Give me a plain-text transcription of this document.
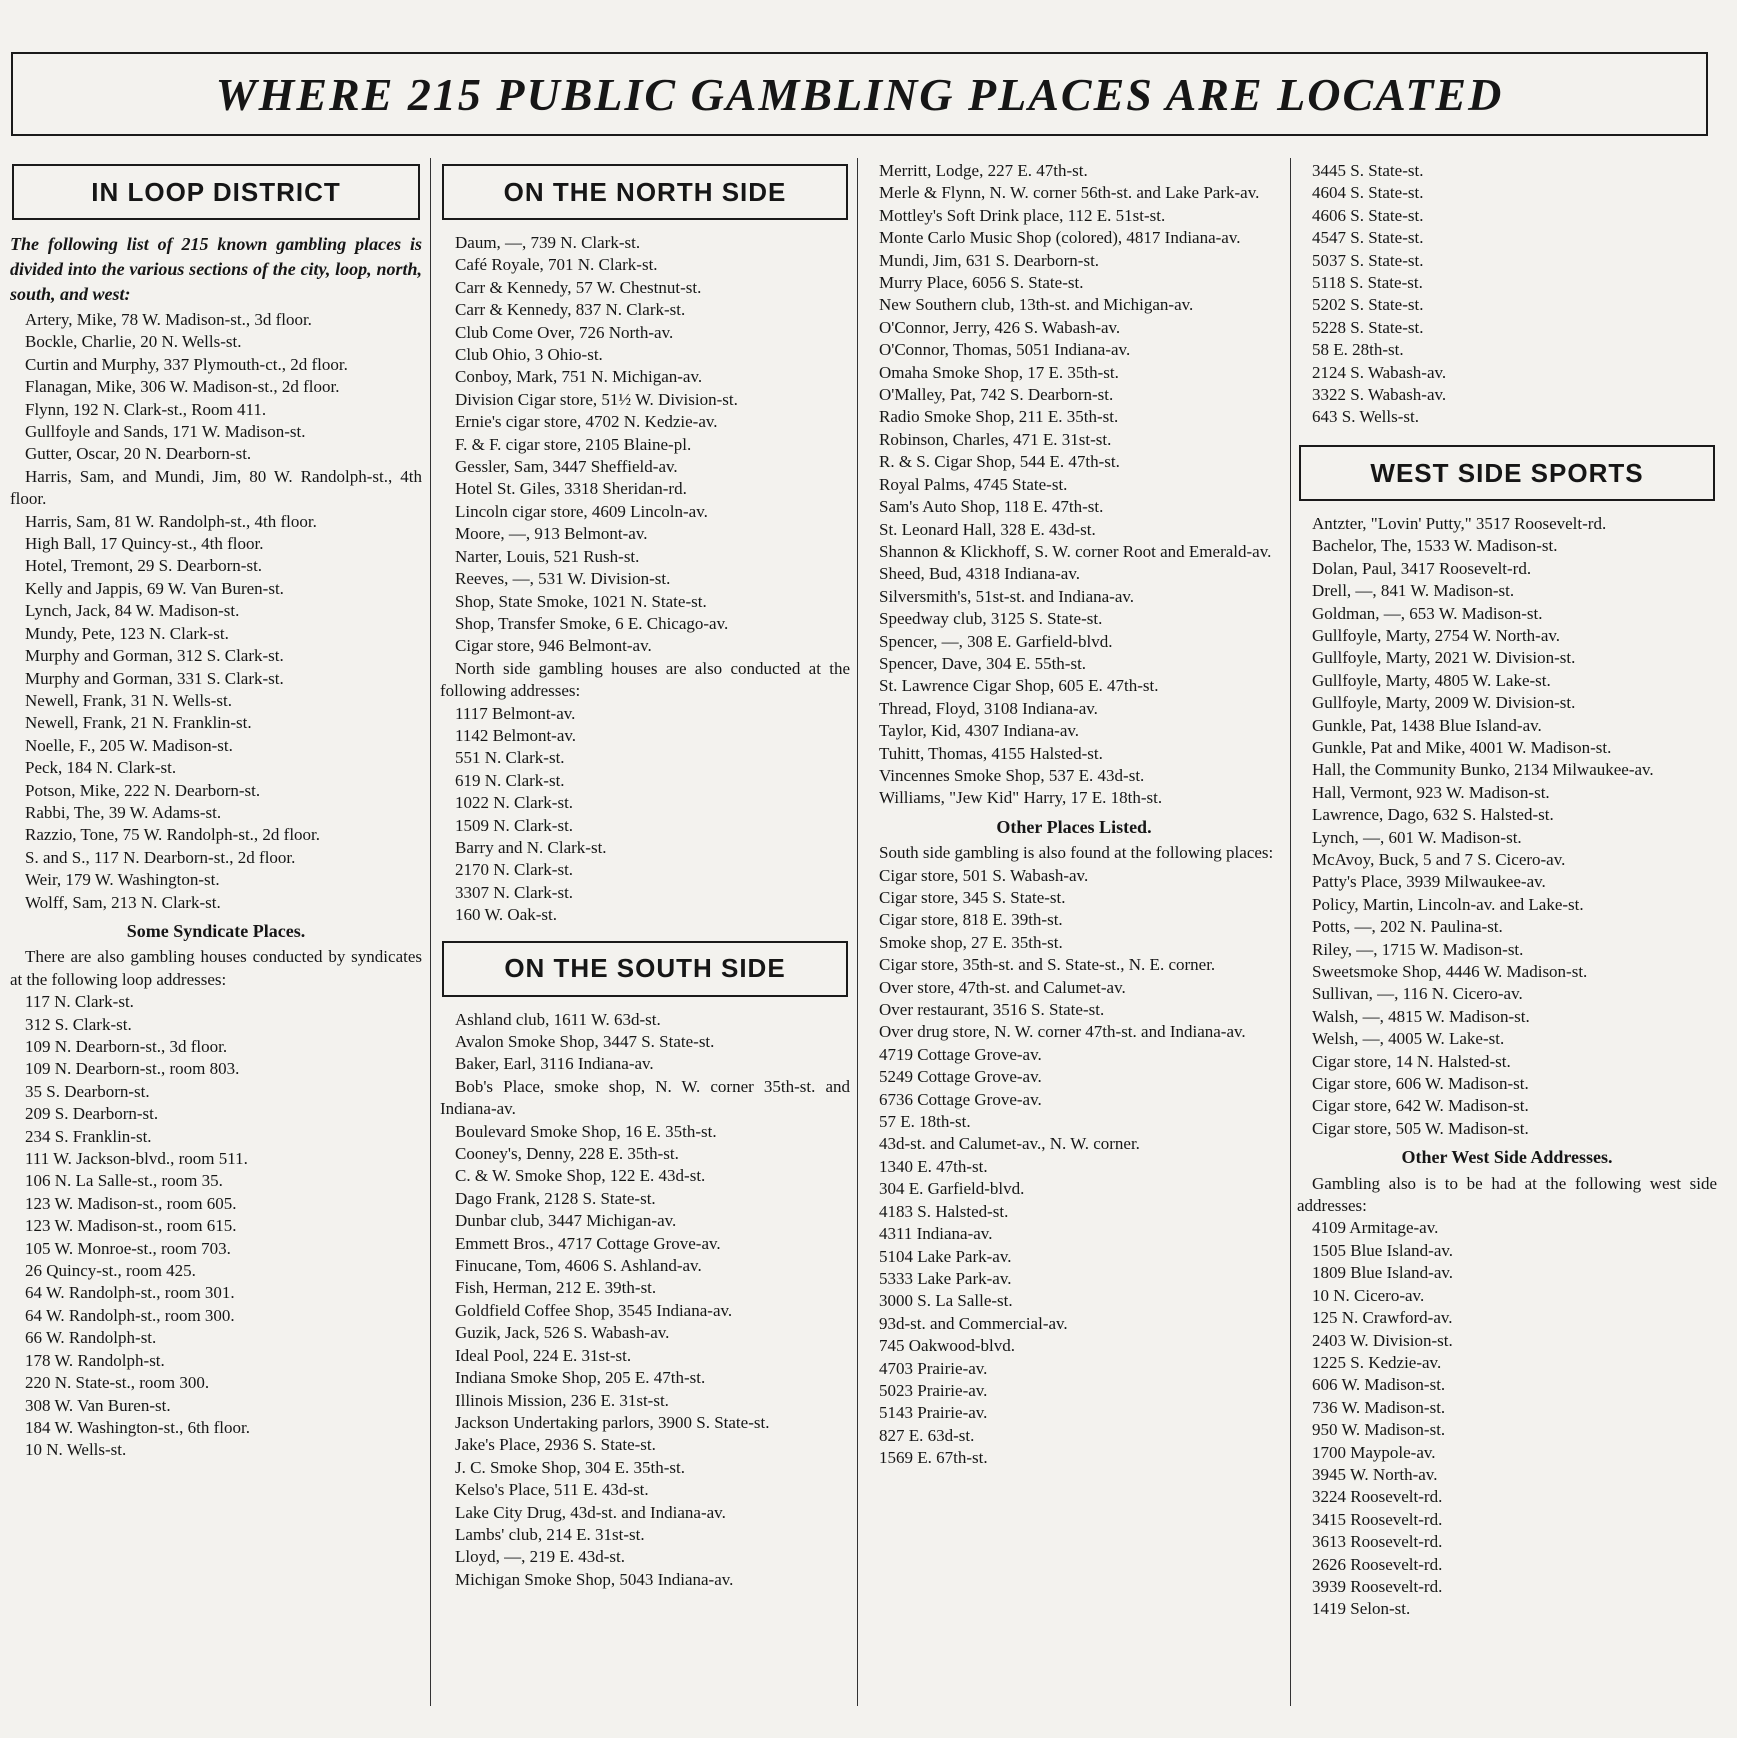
WHERE 215 PUBLIC GAMBLING PLACES ARE LOCATED
IN LOOP DISTRICT

The following list of 215 known gambling places is divided into the various sections of the city, loop, north, south, and west:

Artery, Mike, 78 W. Madison-st., 3d floor.

Bockle, Charlie, 20 N. Wells-st.

Curtin and Murphy, 337 Plymouth-ct., 2d floor.

Flanagan, Mike, 306 W. Madison-st., 2d floor.

Flynn, 192 N. Clark-st., Room 411.

Gullfoyle and Sands, 171 W. Madison-st.

Gutter, Oscar, 20 N. Dearborn-st.

Harris, Sam, and Mundi, Jim, 80 W. Randolph-st., 4th floor.

Harris, Sam, 81 W. Randolph-st., 4th floor.

High Ball, 17 Quincy-st., 4th floor.

Hotel, Tremont, 29 S. Dearborn-st.

Kelly and Jappis, 69 W. Van Buren-st.

Lynch, Jack, 84 W. Madison-st.

Mundy, Pete, 123 N. Clark-st.

Murphy and Gorman, 312 S. Clark-st.

Murphy and Gorman, 331 S. Clark-st.

Newell, Frank, 31 N. Wells-st.

Newell, Frank, 21 N. Franklin-st.

Noelle, F., 205 W. Madison-st.

Peck, 184 N. Clark-st.

Potson, Mike, 222 N. Dearborn-st.

Rabbi, The, 39 W. Adams-st.

Razzio, Tone, 75 W. Randolph-st., 2d floor.

S. and S., 117 N. Dearborn-st., 2d floor.

Weir, 179 W. Washington-st.

Wolff, Sam, 213 N. Clark-st.

Some Syndicate Places.

There are also gambling houses conducted by syndicates at the following loop addresses:

117 N. Clark-st.

312 S. Clark-st.

109 N. Dearborn-st., 3d floor.

109 N. Dearborn-st., room 803.

35 S. Dearborn-st.

209 S. Dearborn-st.

234 S. Franklin-st.

111 W. Jackson-blvd., room 511.

106 N. La Salle-st., room 35.

123 W. Madison-st., room 605.

123 W. Madison-st., room 615.

105 W. Monroe-st., room 703.

26 Quincy-st., room 425.

64 W. Randolph-st., room 301.

64 W. Randolph-st., room 300.

66 W. Randolph-st.

178 W. Randolph-st.

220 N. State-st., room 300.

308 W. Van Buren-st.

184 W. Washington-st., 6th floor.

10 N. Wells-st.

ON THE NORTH SIDE

Daum, —, 739 N. Clark-st.

Café Royale, 701 N. Clark-st.

Carr & Kennedy, 57 W. Chestnut-st.

Carr & Kennedy, 837 N. Clark-st.

Club Come Over, 726 North-av.

Club Ohio, 3 Ohio-st.

Conboy, Mark, 751 N. Michigan-av.

Division Cigar store, 51½ W. Division-st.

Ernie's cigar store, 4702 N. Kedzie-av.

F. & F. cigar store, 2105 Blaine-pl.

Gessler, Sam, 3447 Sheffield-av.

Hotel St. Giles, 3318 Sheridan-rd.

Lincoln cigar store, 4609 Lincoln-av.

Moore, —, 913 Belmont-av.

Narter, Louis, 521 Rush-st.

Reeves, —, 531 W. Division-st.

Shop, State Smoke, 1021 N. State-st.

Shop, Transfer Smoke, 6 E. Chicago-av.

Cigar store, 946 Belmont-av.

North side gambling houses are also conducted at the following addresses:

1117 Belmont-av.

1142 Belmont-av.

551 N. Clark-st.

619 N. Clark-st.

1022 N. Clark-st.

1509 N. Clark-st.

Barry and N. Clark-st.

2170 N. Clark-st.

3307 N. Clark-st.

160 W. Oak-st.

ON THE SOUTH SIDE

Ashland club, 1611 W. 63d-st.

Avalon Smoke Shop, 3447 S. State-st.

Baker, Earl, 3116 Indiana-av.

Bob's Place, smoke shop, N. W. corner 35th-st. and Indiana-av.

Boulevard Smoke Shop, 16 E. 35th-st.

Cooney's, Denny, 228 E. 35th-st.

C. & W. Smoke Shop, 122 E. 43d-st.

Dago Frank, 2128 S. State-st.

Dunbar club, 3447 Michigan-av.

Emmett Bros., 4717 Cottage Grove-av.

Finucane, Tom, 4606 S. Ashland-av.

Fish, Herman, 212 E. 39th-st.

Goldfield Coffee Shop, 3545 Indiana-av.

Guzik, Jack, 526 S. Wabash-av.

Ideal Pool, 224 E. 31st-st.

Indiana Smoke Shop, 205 E. 47th-st.

Illinois Mission, 236 E. 31st-st.

Jackson Undertaking parlors, 3900 S. State-st.

Jake's Place, 2936 S. State-st.

J. C. Smoke Shop, 304 E. 35th-st.

Kelso's Place, 511 E. 43d-st.

Lake City Drug, 43d-st. and Indiana-av.

Lambs' club, 214 E. 31st-st.

Lloyd, —, 219 E. 43d-st.

Michigan Smoke Shop, 5043 Indiana-av.

Merritt, Lodge, 227 E. 47th-st.

Merle & Flynn, N. W. corner 56th-st. and Lake Park-av.

Mottley's Soft Drink place, 112 E. 51st-st.

Monte Carlo Music Shop (colored), 4817 Indiana-av.

Mundi, Jim, 631 S. Dearborn-st.

Murry Place, 6056 S. State-st.

New Southern club, 13th-st. and Michigan-av.

O'Connor, Jerry, 426 S. Wabash-av.

O'Connor, Thomas, 5051 Indiana-av.

Omaha Smoke Shop, 17 E. 35th-st.

O'Malley, Pat, 742 S. Dearborn-st.

Radio Smoke Shop, 211 E. 35th-st.

Robinson, Charles, 471 E. 31st-st.

R. & S. Cigar Shop, 544 E. 47th-st.

Royal Palms, 4745 State-st.

Sam's Auto Shop, 118 E. 47th-st.

St. Leonard Hall, 328 E. 43d-st.

Shannon & Klickhoff, S. W. corner Root and Emerald-av.

Sheed, Bud, 4318 Indiana-av.

Silversmith's, 51st-st. and Indiana-av.

Speedway club, 3125 S. State-st.

Spencer, —, 308 E. Garfield-blvd.

Spencer, Dave, 304 E. 55th-st.

St. Lawrence Cigar Shop, 605 E. 47th-st.

Thread, Floyd, 3108 Indiana-av.

Taylor, Kid, 4307 Indiana-av.

Tuhitt, Thomas, 4155 Halsted-st.

Vincennes Smoke Shop, 537 E. 43d-st.

Williams, "Jew Kid" Harry, 17 E. 18th-st.

Other Places Listed.

South side gambling is also found at the following places:

Cigar store, 501 S. Wabash-av.

Cigar store, 345 S. State-st.

Cigar store, 818 E. 39th-st.

Smoke shop, 27 E. 35th-st.

Cigar store, 35th-st. and S. State-st., N. E. corner.

Over store, 47th-st. and Calumet-av.

Over restaurant, 3516 S. State-st.

Over drug store, N. W. corner 47th-st. and Indiana-av.

4719 Cottage Grove-av.

5249 Cottage Grove-av.

6736 Cottage Grove-av.

57 E. 18th-st.

43d-st. and Calumet-av., N. W. corner.

1340 E. 47th-st.

304 E. Garfield-blvd.

4183 S. Halsted-st.

4311 Indiana-av.

5104 Lake Park-av.

5333 Lake Park-av.

3000 S. La Salle-st.

93d-st. and Commercial-av.

745 Oakwood-blvd.

4703 Prairie-av.

5023 Prairie-av.

5143 Prairie-av.

827 E. 63d-st.

1569 E. 67th-st.

3445 S. State-st.

4604 S. State-st.

4606 S. State-st.

4547 S. State-st.

5037 S. State-st.

5118 S. State-st.

5202 S. State-st.

5228 S. State-st.

58 E. 28th-st.

2124 S. Wabash-av.

3322 S. Wabash-av.

643 S. Wells-st.

WEST SIDE SPORTS

Antzter, "Lovin' Putty," 3517 Roosevelt-rd.

Bachelor, The, 1533 W. Madison-st.

Dolan, Paul, 3417 Roosevelt-rd.

Drell, —, 841 W. Madison-st.

Goldman, —, 653 W. Madison-st.

Gullfoyle, Marty, 2754 W. North-av.

Gullfoyle, Marty, 2021 W. Division-st.

Gullfoyle, Marty, 4805 W. Lake-st.

Gullfoyle, Marty, 2009 W. Division-st.

Gunkle, Pat, 1438 Blue Island-av.

Gunkle, Pat and Mike, 4001 W. Madison-st.

Hall, the Community Bunko, 2134 Milwaukee-av.

Hall, Vermont, 923 W. Madison-st.

Lawrence, Dago, 632 S. Halsted-st.

Lynch, —, 601 W. Madison-st.

McAvoy, Buck, 5 and 7 S. Cicero-av.

Patty's Place, 3939 Milwaukee-av.

Policy, Martin, Lincoln-av. and Lake-st.

Potts, —, 202 N. Paulina-st.

Riley, —, 1715 W. Madison-st.

Sweetsmoke Shop, 4446 W. Madison-st.

Sullivan, —, 116 N. Cicero-av.

Walsh, —, 4815 W. Madison-st.

Welsh, —, 4005 W. Lake-st.

Cigar store, 14 N. Halsted-st.

Cigar store, 606 W. Madison-st.

Cigar store, 642 W. Madison-st.

Cigar store, 505 W. Madison-st.

Other West Side Addresses.

Gambling also is to be had at the following west side addresses:

4109 Armitage-av.

1505 Blue Island-av.

1809 Blue Island-av.

10 N. Cicero-av.

125 N. Crawford-av.

2403 W. Division-st.

1225 S. Kedzie-av.

606 W. Madison-st.

736 W. Madison-st.

950 W. Madison-st.

1700 Maypole-av.

3945 W. North-av.

3224 Roosevelt-rd.

3415 Roosevelt-rd.

3613 Roosevelt-rd.

2626 Roosevelt-rd.

3939 Roosevelt-rd.

1419 Selon-st.
